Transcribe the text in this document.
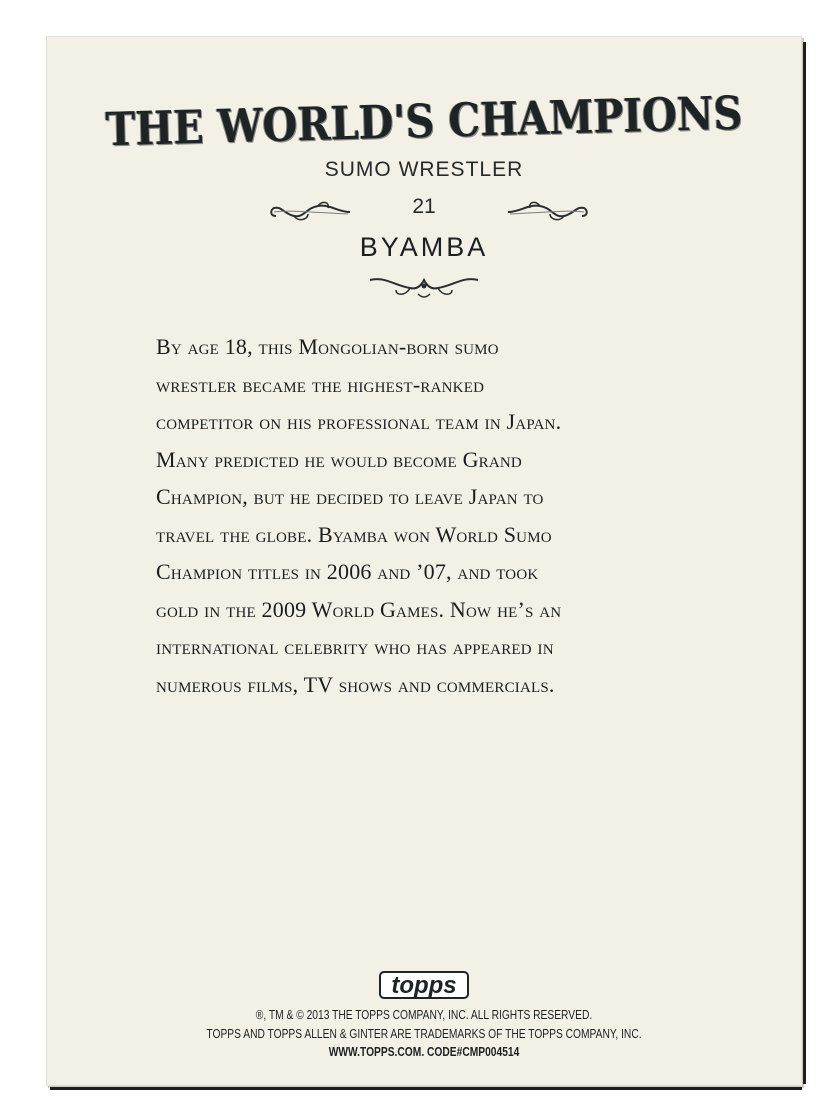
THE WORLD'S CHAMPIONS
SUMO WRESTLER
21
BYAMBA
By age 18, this Mongolian-born sumo
wrestler became the highest-ranked
competitor on his professional team in Japan.
Many predicted he would become Grand
Champion, but he decided to leave Japan to
travel the globe. Byamba won World Sumo
Champion titles in 2006 and ’07, and took
gold in the 2009 World Games. Now he’s an
international celebrity who has appeared in
numerous films, TV shows and commercials.
topps
®, TM & © 2013 THE TOPPS COMPANY, INC. ALL RIGHTS RESERVED.
TOPPS AND TOPPS ALLEN & GINTER ARE TRADEMARKS OF THE TOPPS COMPANY, INC.
WWW.TOPPS.COM. CODE#CMP004514
